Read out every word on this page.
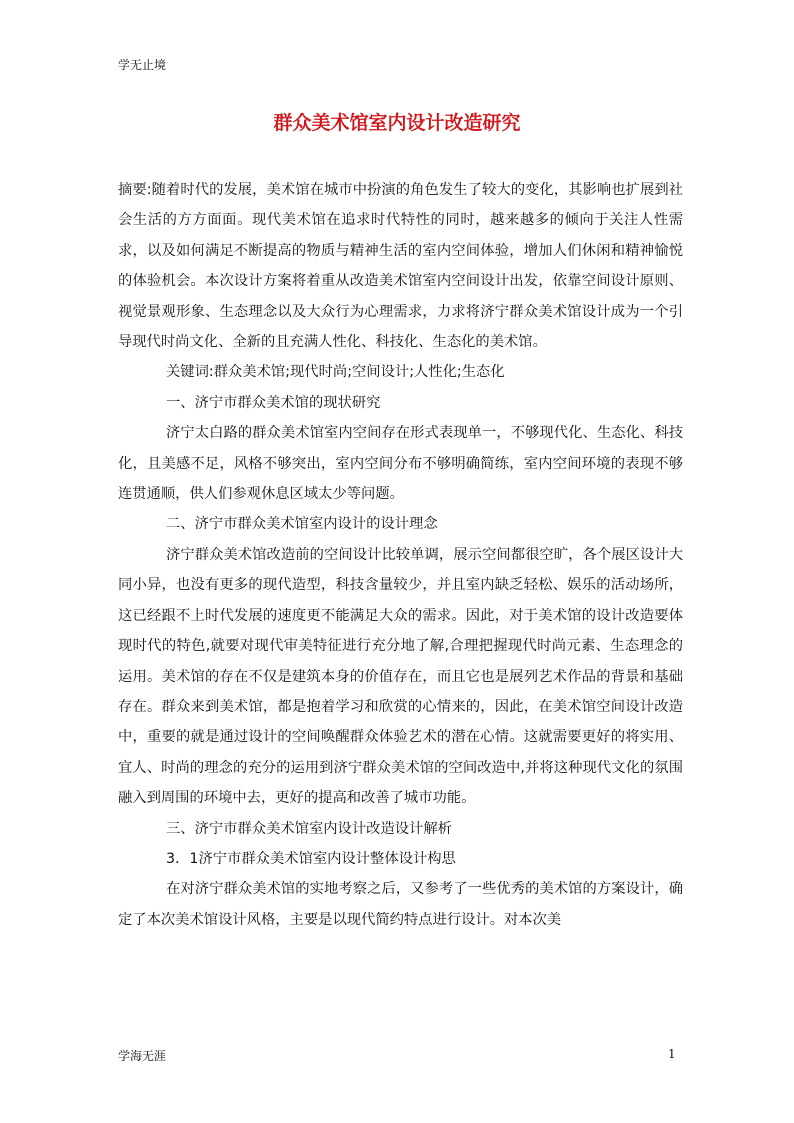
学无止境
群众美术馆室内设计改造研究

摘要:随着时代的发展，美术馆在城市中扮演的角色发生了较大的变化，其影响也扩展到社会生活的方方面面。现代美术馆在追求时代特性的同时，越来越多的倾向于关注人性需求，以及如何满足不断提高的物质与精神生活的室内空间体验，增加人们休闲和精神愉悦的体验机会。本次设计方案将着重从改造美术馆室内空间设计出发，依靠空间设计原则、视觉景观形象、生态理念以及大众行为心理需求，力求将济宁群众美术馆设计成为一个引导现代时尚文化、全新的且充满人性化、科技化、生态化的美术馆。

关键词:群众美术馆;现代时尚;空间设计;人性化;生态化

一、济宁市群众美术馆的现状研究

济宁太白路的群众美术馆室内空间存在形式表现单一，不够现代化、生态化、科技化，且美感不足，风格不够突出，室内空间分布不够明确简练，室内空间环境的表现不够连贯通顺，供人们参观休息区域太少等问题。

二、济宁市群众美术馆室内设计的设计理念

济宁群众美术馆改造前的空间设计比较单调，展示空间都很空旷，各个展区设计大同小异，也没有更多的现代造型，科技含量较少，并且室内缺乏轻松、娱乐的活动场所，这已经跟不上时代发展的速度更不能满足大众的需求。因此，对于美术馆的设计改造要体现时代的特色,就要对现代审美特征进行充分地了解,合理把握现代时尚元素、生态理念的运用。美术馆的存在不仅是建筑本身的价值存在，而且它也是展列艺术作品的背景和基础存在。群众来到美术馆，都是抱着学习和欣赏的心情来的，因此，在美术馆空间设计改造中，重要的就是通过设计的空间唤醒群众体验艺术的潜在心情。这就需要更好的将实用、宜人、时尚的理念的充分的运用到济宁群众美术馆的空间改造中,并将这种现代文化的氛围融入到周围的环境中去，更好的提高和改善了城市功能。

三、济宁市群众美术馆室内设计改造设计解析

3．1济宁市群众美术馆室内设计整体设计构思

在对济宁群众美术馆的实地考察之后，又参考了一些优秀的美术馆的方案设计，确定了本次美术馆设计风格，主要是以现代简约特点进行设计。对本次美

学海无涯	1
